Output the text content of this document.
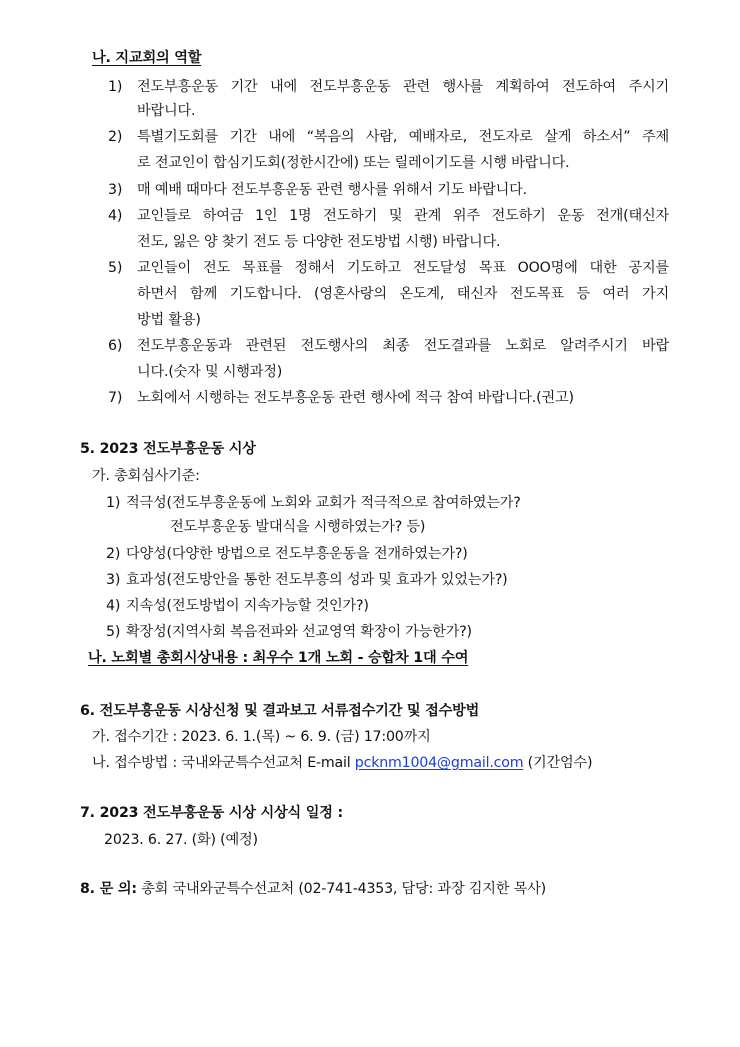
나. 지교회의 역할
1) 전도부흥운동 기간 내에 전도부흥운동 관련 행사를 계획하여 전도하여 주시기
바랍니다.
2) 특별기도회를 기간 내에 “복음의 사람, 예배자로, 전도자로 살게 하소서” 주제
로 전교인이 합심기도회(정한시간에) 또는 릴레이기도를 시행 바랍니다.
3) 매 예배 때마다 전도부흥운동 관련 행사를 위해서 기도 바랍니다.
4) 교인들로 하여금 1인 1명 전도하기 및 관계 위주 전도하기 운동 전개(태신자
전도, 잃은 양 찾기 전도 등 다양한 전도방법 시행) 바랍니다.
5) 교인들이 전도 목표를 정해서 기도하고 전도달성 목표 OOO명에 대한 공지를
하면서 함께 기도합니다. (영혼사랑의 온도계, 태신자 전도목표 등 여러 가지
방법 활용)
6) 전도부흥운동과 관련된 전도행사의 최종 전도결과를 노회로 알려주시기 바랍
니다.(숫자 및 시행과정)
7) 노회에서 시행하는 전도부흥운동 관련 행사에 적극 참여 바랍니다.(권고)
5. 2023 전도부흥운동 시상
가. 총회심사기준:
1) 적극성(전도부흥운동에 노회와 교회가 적극적으로 참여하였는가?
전도부흥운동 발대식을 시행하였는가? 등)
2) 다양성(다양한 방법으로 전도부흥운동을 전개하였는가?)
3) 효과성(전도방안을 통한 전도부흥의 성과 및 효과가 있었는가?)
4) 지속성(전도방법이 지속가능할 것인가?)
5) 확장성(지역사회 복음전파와 선교영역 확장이 가능한가?)
나. 노회별 총회시상내용 : 최우수 1개 노회 - 승합차 1대 수여
6. 전도부흥운동 시상신청 및 결과보고 서류접수기간 및 접수방법
가. 접수기간 : 2023. 6. 1.(목) ~ 6. 9. (금) 17:00까지
나. 접수방법 : 국내와군특수선교처 E-mail pcknm1004@gmail.com (기간엄수)
7. 2023 전도부흥운동 시상 시상식 일정 :
2023. 6. 27. (화) (예정)
8. 문 의: 총회 국내와군특수선교처 (02-741-4353, 담당: 과장 김지한 목사)
